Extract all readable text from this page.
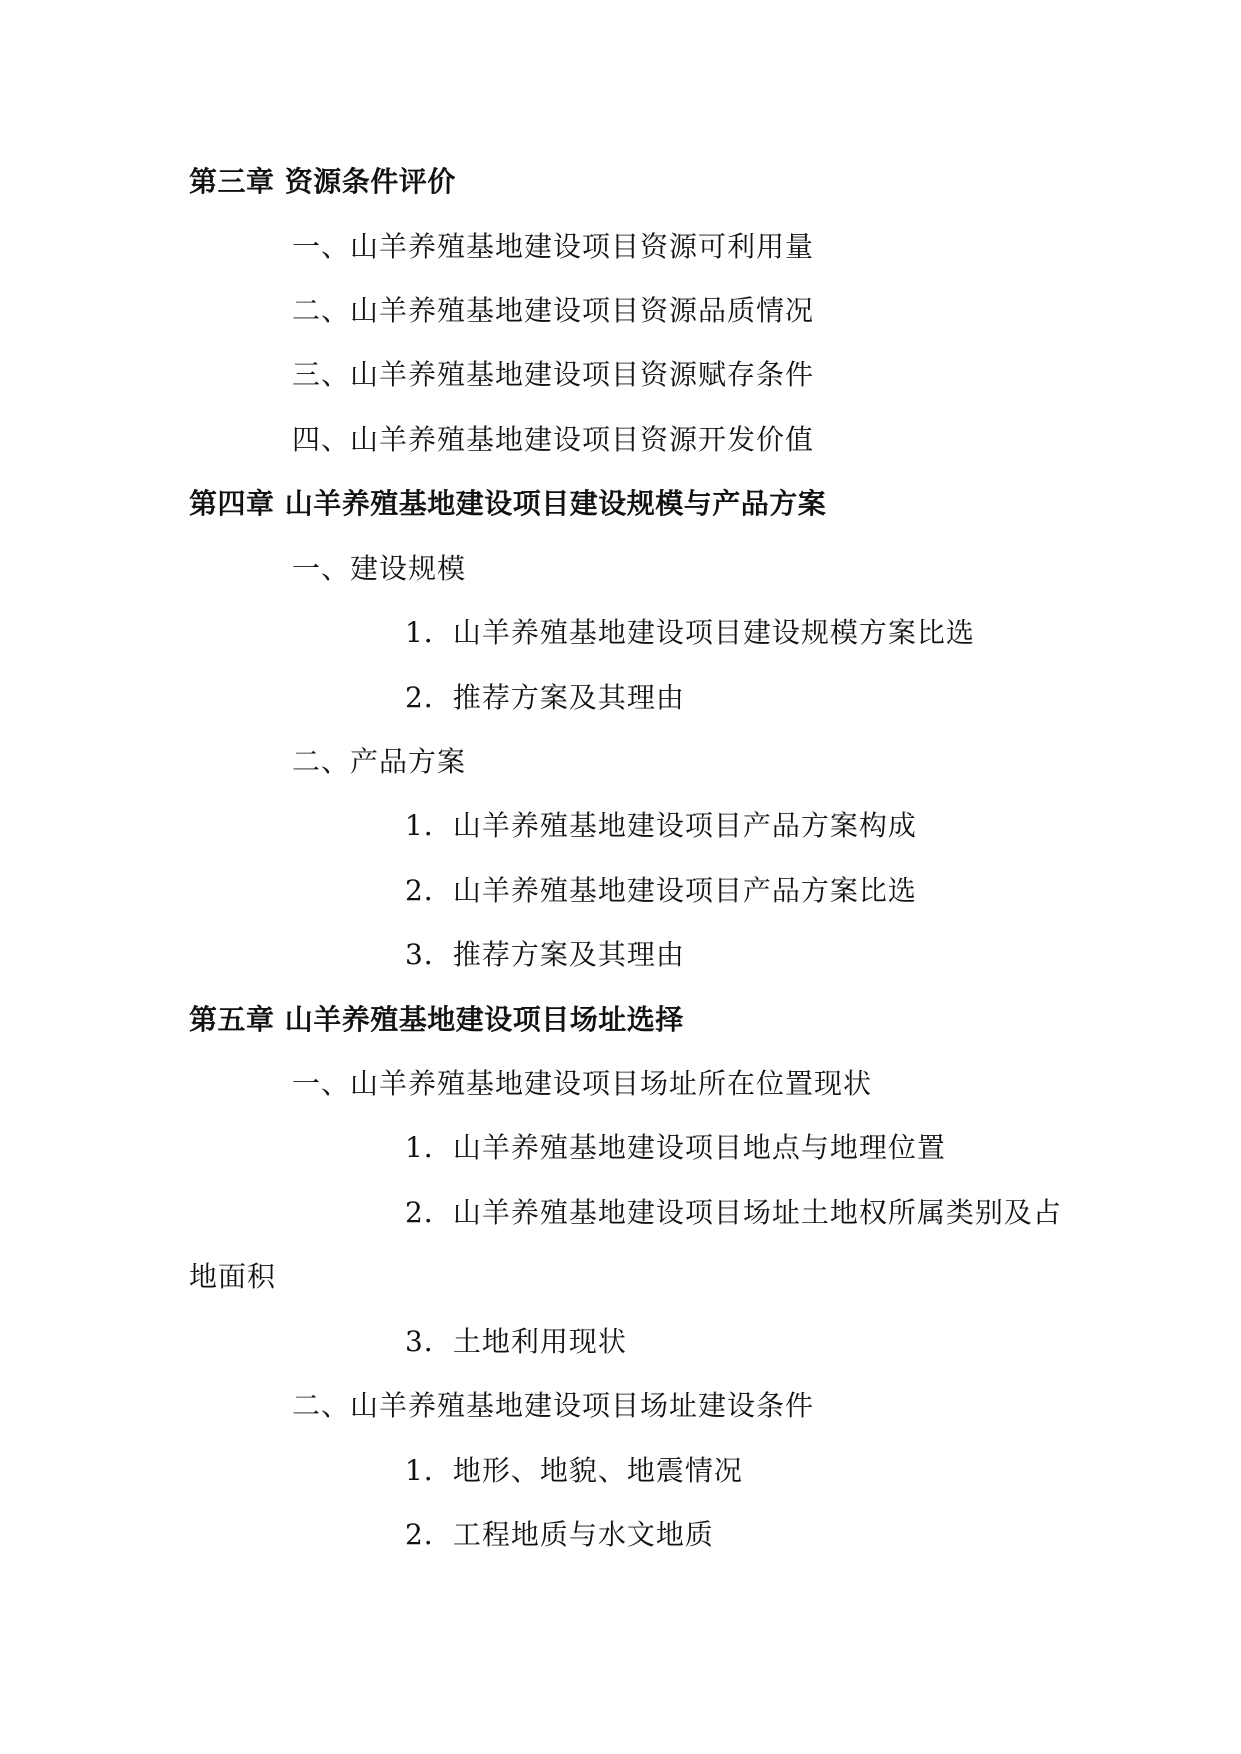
第三章 资源条件评价
一、山羊养殖基地建设项目资源可利用量
二、山羊养殖基地建设项目资源品质情况
三、山羊养殖基地建设项目资源赋存条件
四、山羊养殖基地建设项目资源开发价值
第四章 山羊养殖基地建设项目建设规模与产品方案
一、建设规模
1．山羊养殖基地建设项目建设规模方案比选
2．推荐方案及其理由
二、产品方案
1．山羊养殖基地建设项目产品方案构成
2．山羊养殖基地建设项目产品方案比选
3．推荐方案及其理由
第五章 山羊养殖基地建设项目场址选择
一、山羊养殖基地建设项目场址所在位置现状
1．山羊养殖基地建设项目地点与地理位置
2．山羊养殖基地建设项目场址土地权所属类别及占
地面积
3．土地利用现状
二、山羊养殖基地建设项目场址建设条件
1．地形、地貌、地震情况
2．工程地质与水文地质
